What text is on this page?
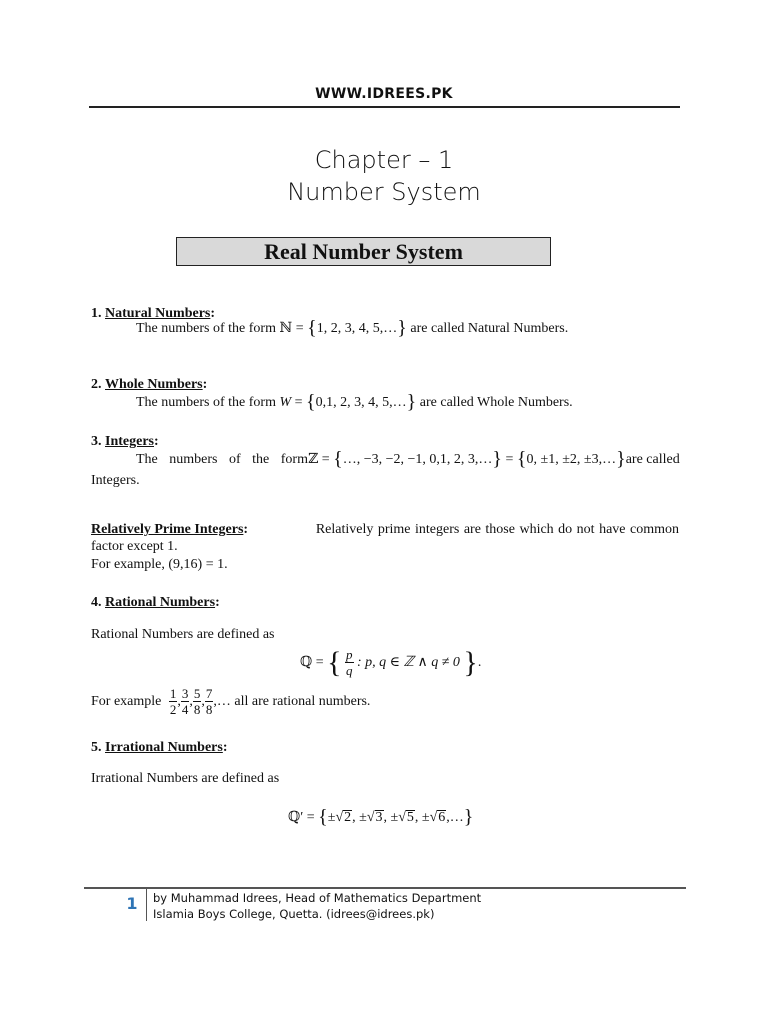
WWW.IDREES.PK
Chapter – 1
Number System
Real Number System
1. Natural Numbers:
The numbers of the form ℕ = {1, 2, 3, 4, 5,…} are called Natural Numbers.
2. Whole Numbers:
The numbers of the form W = {0,1, 2, 3, 4, 5,…} are called Whole Numbers.
3. Integers:
The numbers of the form ℤ = {…, −3, −2, −1, 0,1, 2, 3,…} = {0, ±1, ±2, ±3,…} are called
Integers.
Relatively Prime Integers:	Relatively prime integers are those which do not have common
factor except 1.
For example, (9,16) = 1.
4. Rational Numbers:
Rational Numbers are defined as
ℚ = { $\frac{p}{q}$ : p, q ∈ ℤ ∧ q ≠ 0 }.
For example $\frac{1}{2}$ , $\frac{3}{4}$ , $\frac{5}{8}$ , $\frac{7}{8}$ ,… all are rational numbers.
5. Irrational Numbers:
Irrational Numbers are defined as
ℚ′ = {±√2, ±√3, ±√5, ±√6,…}
1 by Muhammad Idrees, Head of Mathematics Department
Islamia Boys College, Quetta. (idrees@idrees.pk)
